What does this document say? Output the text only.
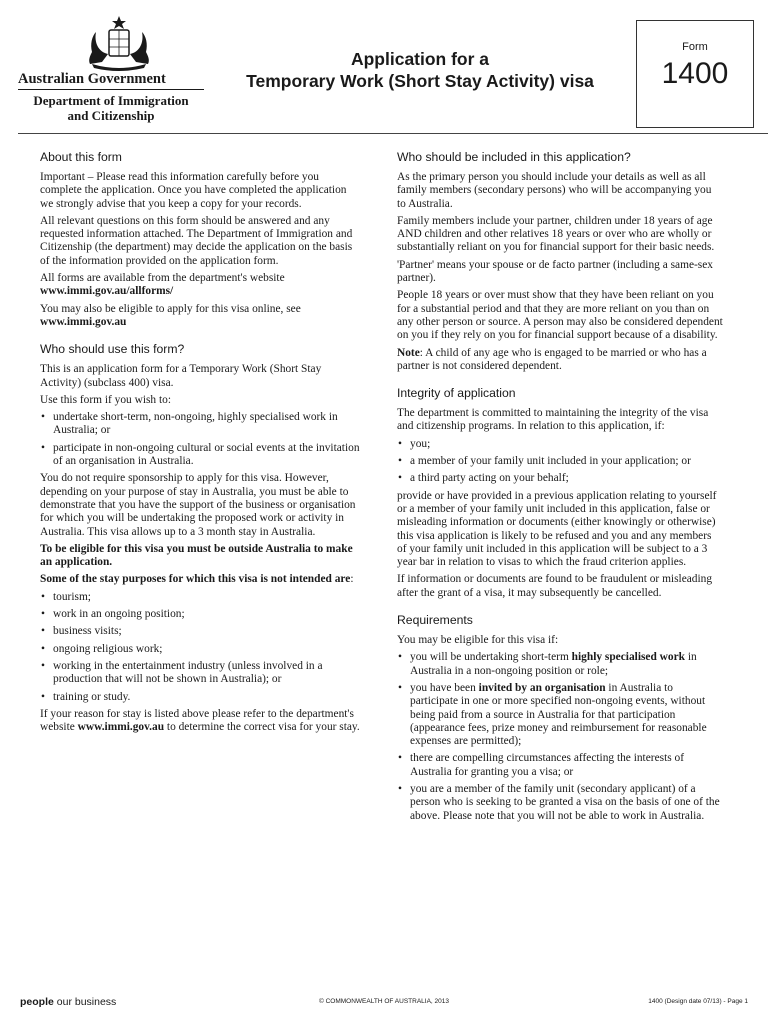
Australian Government
Department of Immigration
and Citizenship
Application for a
Temporary Work (Short Stay Activity) visa
Form
1400
About this form

Important – Please read this information carefully before you complete the application. Once you have completed the application we strongly advise that you keep a copy for your records.

All relevant questions on this form should be answered and any requested information attached. The Department of Immigration and Citizenship (the department) may decide the application on the basis of the information provided on the application form.

All forms are available from the department's website
www.immi.gov.au/allforms/

You may also be eligible to apply for this visa online, see
www.immi.gov.au

Who should use this form?

This is an application form for a Temporary Work (Short Stay Activity) (subclass 400) visa.

Use this form if you wish to:

• undertake short-term, non-ongoing, highly specialised work in Australia; or
• participate in non-ongoing cultural or social events at the invitation of an organisation in Australia.

You do not require sponsorship to apply for this visa. However, depending on your purpose of stay in Australia, you must be able to demonstrate that you have the support of the business or organisation for which you will be undertaking the proposed work or activity in Australia. This visa allows up to a 3 month stay in Australia.

To be eligible for this visa you must be outside Australia to make an application.

Some of the stay purposes for which this visa is not intended are:

• tourism;
• work in an ongoing position;
• business visits;
• ongoing religious work;
• working in the entertainment industry (unless involved in a production that will not be shown in Australia); or
• training or study.

If your reason for stay is listed above please refer to the department's website www.immi.gov.au to determine the correct visa for your stay.

Who should be included in this application?

As the primary person you should include your details as well as all family members (secondary persons) who will be accompanying you to Australia.

Family members include your partner, children under 18 years of age AND children and other relatives 18 years or over who are wholly or substantially reliant on you for financial support for their basic needs.

'Partner' means your spouse or de facto partner (including a same-sex partner).

People 18 years or over must show that they have been reliant on you for a substantial period and that they are more reliant on you than on any other person or source. A person may also be considered dependent on you if they rely on you for financial support because of a disability.

Note: A child of any age who is engaged to be married or who has a partner is not considered dependent.

Integrity of application

The department is committed to maintaining the integrity of the visa and citizenship programs. In relation to this application, if:

• you;
• a member of your family unit included in your application; or
• a third party acting on your behalf;

provide or have provided in a previous application relating to yourself or a member of your family unit included in this application, false or misleading information or documents (either knowingly or otherwise) this visa application is likely to be refused and you and any members of your family unit included in this application will be subject to a 3 year bar in relation to visas to which the fraud criterion applies.

If information or documents are found to be fraudulent or misleading after the grant of a visa, it may subsequently be cancelled.

Requirements

You may be eligible for this visa if:

• you will be undertaking short-term highly specialised work in Australia in a non-ongoing position or role;
• you have been invited by an organisation in Australia to participate in one or more specified non-ongoing events, without being paid from a source in Australia for that participation (appearance fees, prize money and reimbursement for reasonable expenses are permitted);
• there are compelling circumstances affecting the interests of Australia for granting you a visa; or
• you are a member of the family unit (secondary applicant) of a person who is seeking to be granted a visa on the basis of one of the above. Please note that you will not be able to work in Australia.
people our business	© COMMONWEALTH OF AUSTRALIA, 2013	1400 (Design date 07/13) - Page 1
